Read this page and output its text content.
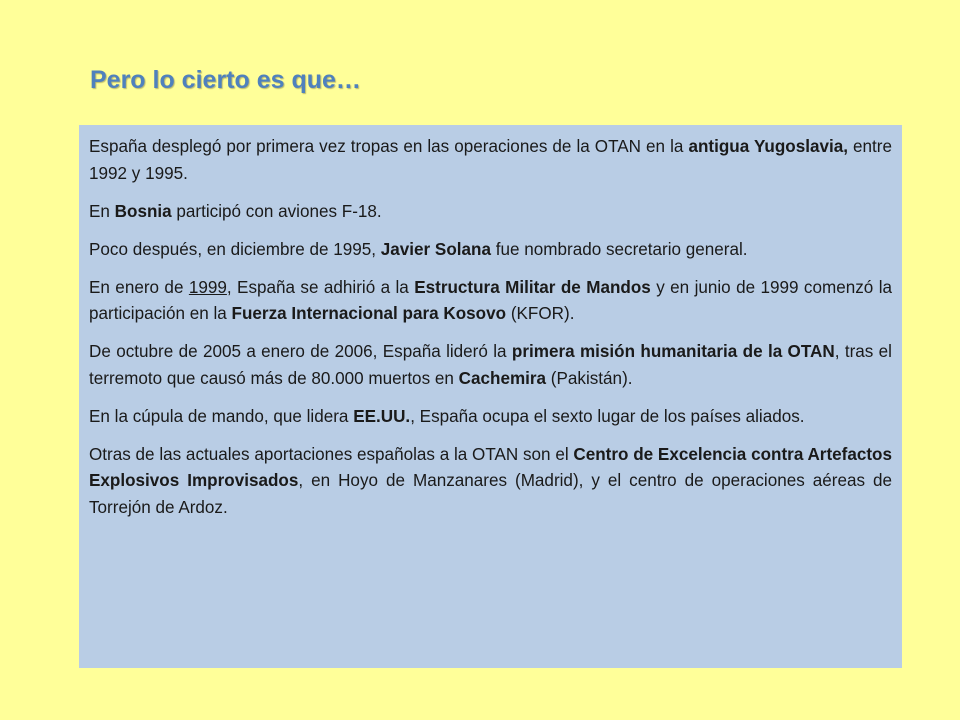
Pero lo cierto es que…

España desplegó por primera vez tropas en las operaciones de la OTAN en la antigua Yugoslavia, entre 1992 y 1995.

En Bosnia participó con aviones F-18.

Poco después, en diciembre de 1995, Javier Solana fue nombrado secretario general.

En enero de 1999, España se adhirió a la Estructura Militar de Mandos y en junio de 1999 comenzó la participación en la Fuerza Internacional para Kosovo (KFOR).

De octubre de 2005 a enero de 2006, España lideró la primera misión humanitaria de la OTAN, tras el terremoto que causó más de 80.000 muertos en Cachemira (Pakistán).

En la cúpula de mando, que lidera EE.UU., España ocupa el sexto lugar de los países aliados.

Otras de las actuales aportaciones españolas a la OTAN son el Centro de Excelencia contra Artefactos Explosivos Improvisados, en Hoyo de Manzanares (Madrid), y el centro de operaciones aéreas de Torrejón de Ardoz.
